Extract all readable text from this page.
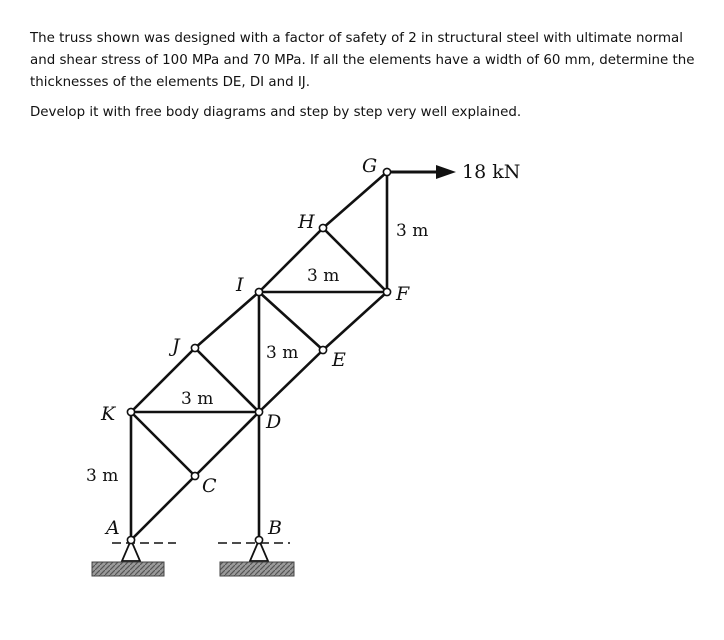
The truss shown was designed with a factor of safety of 2 in structural steel with ultimate normal and shear stress of 100 MPa and 70 MPa. If all the elements have a width of 60 mm, determine the thicknesses of the elements DE, DI and IJ.

Develop it with free body diagrams and step by step very well explained.

18 kN
G
H
I	F
J
E
K	D
C
A	B
3 m
3 m
3 m
3 m
3 m
